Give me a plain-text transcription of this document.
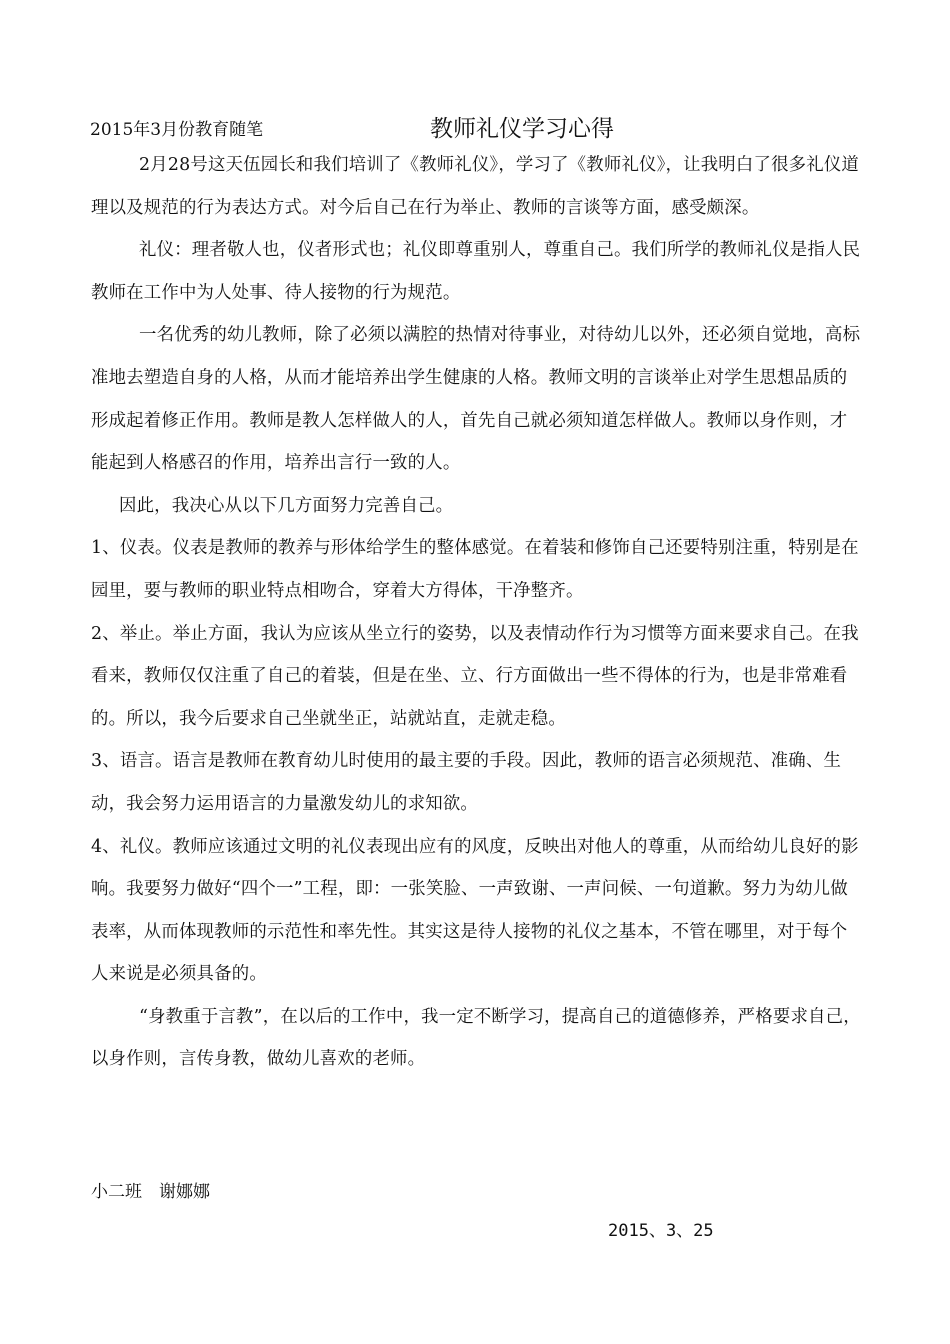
2015年3月份教育随笔	教师礼仪学习心得

2月28号这天伍园长和我们培训了《教师礼仪》，学习了《教师礼仪》，让我明白了很多礼仪道理以及规范的行为表达方式。对今后自己在行为举止、教师的言谈等方面，感受颇深。

礼仪：理者敬人也，仪者形式也；礼仪即尊重别人，尊重自己。我们所学的教师礼仪是指人民教师在工作中为人处事、待人接物的行为规范。

一名优秀的幼儿教师，除了必须以满腔的热情对待事业，对待幼儿以外，还必须自觉地，高标准地去塑造自身的人格，从而才能培养出学生健康的人格。教师文明的言谈举止对学生思想品质的形成起着修正作用。教师是教人怎样做人的人，首先自己就必须知道怎样做人。教师以身作则，才能起到人格感召的作用，培养出言行一致的人。

因此，我决心从以下几方面努力完善自己。

1、仪表。仪表是教师的教养与形体给学生的整体感觉。在着装和修饰自己还要特别注重，特别是在园里，要与教师的职业特点相吻合，穿着大方得体，干净整齐。

2、举止。举止方面，我认为应该从坐立行的姿势，以及表情动作行为习惯等方面来要求自己。在我看来，教师仅仅注重了自己的着装，但是在坐、立、行方面做出一些不得体的行为，也是非常难看的。所以，我今后要求自己坐就坐正，站就站直，走就走稳。

3、语言。语言是教师在教育幼儿时使用的最主要的手段。因此，教师的语言必须规范、准确、生动，我会努力运用语言的力量激发幼儿的求知欲。

4、礼仪。教师应该通过文明的礼仪表现出应有的风度，反映出对他人的尊重，从而给幼儿良好的影响。我要努力做好“四个一”工程，即：一张笑脸、一声致谢、一声问候、一句道歉。努力为幼儿做表率，从而体现教师的示范性和率先性。其实这是待人接物的礼仪之基本，不管在哪里，对于每个人来说是必须具备的。

“身教重于言教”，在以后的工作中，我一定不断学习，提高自己的道德修养，严格要求自己，以身作则，言传身教，做幼儿喜欢的老师。

小二班　谢娜娜
2015、3、25
